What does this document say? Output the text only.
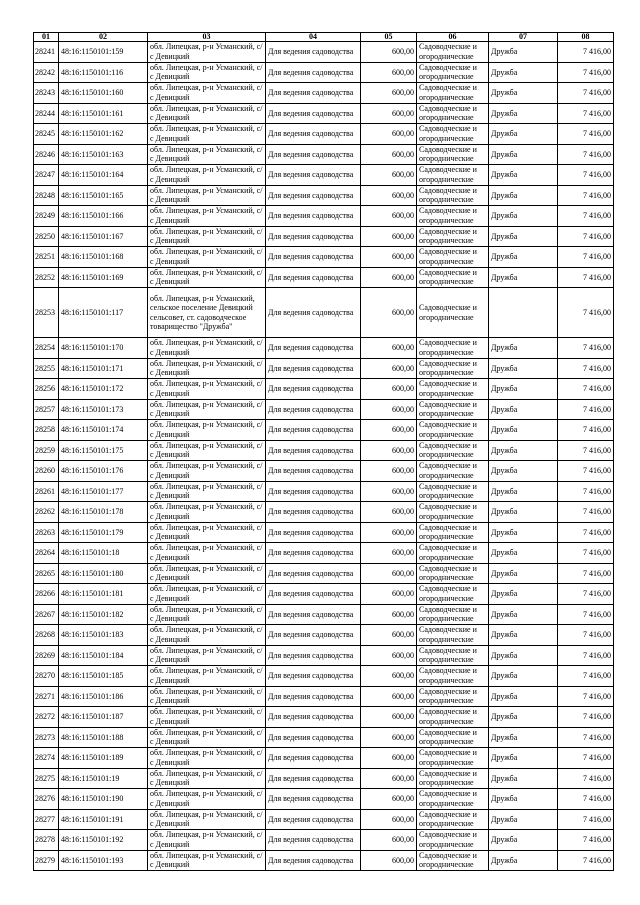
01	02	03	04	05	06	07	08
28241	48:16:1150101:159	обл. Липецкая, р-н Усманский, с/с Девицкий	Для ведения садоводства	600,00	Садоводческие и огороднические	Дружба	7 416,00
28242	48:16:1150101:116	обл. Липецкая, р-н Усманский, с/с Девицкий	Для ведения садоводства	600,00	Садоводческие и огороднические	Дружба	7 416,00
28243	48:16:1150101:160	обл. Липецкая, р-н Усманский, с/с Девицкий	Для ведения садоводства	600,00	Садоводческие и огороднические	Дружба	7 416,00
28244	48:16:1150101:161	обл. Липецкая, р-н Усманский, с/с Девицкий	Для ведения садоводства	600,00	Садоводческие и огороднические	Дружба	7 416,00
28245	48:16:1150101:162	обл. Липецкая, р-н Усманский, с/с Девицкий	Для ведения садоводства	600,00	Садоводческие и огороднические	Дружба	7 416,00
28246	48:16:1150101:163	обл. Липецкая, р-н Усманский, с/с Девицкий	Для ведения садоводства	600,00	Садоводческие и огороднические	Дружба	7 416,00
28247	48:16:1150101:164	обл. Липецкая, р-н Усманский, с/с Девицкий	Для ведения садоводства	600,00	Садоводческие и огороднические	Дружба	7 416,00
28248	48:16:1150101:165	обл. Липецкая, р-н Усманский, с/с Девицкий	Для ведения садоводства	600,00	Садоводческие и огороднические	Дружба	7 416,00
28249	48:16:1150101:166	обл. Липецкая, р-н Усманский, с/с Девицкий	Для ведения садоводства	600,00	Садоводческие и огороднические	Дружба	7 416,00
28250	48:16:1150101:167	обл. Липецкая, р-н Усманский, с/с Девицкий	Для ведения садоводства	600,00	Садоводческие и огороднические	Дружба	7 416,00
28251	48:16:1150101:168	обл. Липецкая, р-н Усманский, с/с Девицкий	Для ведения садоводства	600,00	Садоводческие и огороднические	Дружба	7 416,00
28252	48:16:1150101:169	обл. Липецкая, р-н Усманский, с/с Девицкий	Для ведения садоводства	600,00	Садоводческие и огороднические	Дружба	7 416,00
28253	48:16:1150101:117	обл. Липецкая, р-н Усманский, сельское поселение Девицкий сельсовет, ст. садоводческое товарищество "Дружба"	Для ведения садоводства	600,00	Садоводческие и огороднические		7 416,00
28254	48:16:1150101:170	обл. Липецкая, р-н Усманский, с/с Девицкий	Для ведения садоводства	600,00	Садоводческие и огороднические	Дружба	7 416,00
28255	48:16:1150101:171	обл. Липецкая, р-н Усманский, с/с Девицкий	Для ведения садоводства	600,00	Садоводческие и огороднические	Дружба	7 416,00
28256	48:16:1150101:172	обл. Липецкая, р-н Усманский, с/с Девицкий	Для ведения садоводства	600,00	Садоводческие и огороднические	Дружба	7 416,00
28257	48:16:1150101:173	обл. Липецкая, р-н Усманский, с/с Девицкий	Для ведения садоводства	600,00	Садоводческие и огороднические	Дружба	7 416,00
28258	48:16:1150101:174	обл. Липецкая, р-н Усманский, с/с Девицкий	Для ведения садоводства	600,00	Садоводческие и огороднические	Дружба	7 416,00
28259	48:16:1150101:175	обл. Липецкая, р-н Усманский, с/с Девицкий	Для ведения садоводства	600,00	Садоводческие и огороднические	Дружба	7 416,00
28260	48:16:1150101:176	обл. Липецкая, р-н Усманский, с/с Девицкий	Для ведения садоводства	600,00	Садоводческие и огороднические	Дружба	7 416,00
28261	48:16:1150101:177	обл. Липецкая, р-н Усманский, с/с Девицкий	Для ведения садоводства	600,00	Садоводческие и огороднические	Дружба	7 416,00
28262	48:16:1150101:178	обл. Липецкая, р-н Усманский, с/с Девицкий	Для ведения садоводства	600,00	Садоводческие и огороднические	Дружба	7 416,00
28263	48:16:1150101:179	обл. Липецкая, р-н Усманский, с/с Девицкий	Для ведения садоводства	600,00	Садоводческие и огороднические	Дружба	7 416,00
28264	48:16:1150101:18	обл. Липецкая, р-н Усманский, с/с Девицкий	Для ведения садоводства	600,00	Садоводческие и огороднические	Дружба	7 416,00
28265	48:16:1150101:180	обл. Липецкая, р-н Усманский, с/с Девицкий	Для ведения садоводства	600,00	Садоводческие и огороднические	Дружба	7 416,00
28266	48:16:1150101:181	обл. Липецкая, р-н Усманский, с/с Девицкий	Для ведения садоводства	600,00	Садоводческие и огороднические	Дружба	7 416,00
28267	48:16:1150101:182	обл. Липецкая, р-н Усманский, с/с Девицкий	Для ведения садоводства	600,00	Садоводческие и огороднические	Дружба	7 416,00
28268	48:16:1150101:183	обл. Липецкая, р-н Усманский, с/с Девицкий	Для ведения садоводства	600,00	Садоводческие и огороднические	Дружба	7 416,00
28269	48:16:1150101:184	обл. Липецкая, р-н Усманский, с/с Девицкий	Для ведения садоводства	600,00	Садоводческие и огороднические	Дружба	7 416,00
28270	48:16:1150101:185	обл. Липецкая, р-н Усманский, с/с Девицкий	Для ведения садоводства	600,00	Садоводческие и огороднические	Дружба	7 416,00
28271	48:16:1150101:186	обл. Липецкая, р-н Усманский, с/с Девицкий	Для ведения садоводства	600,00	Садоводческие и огороднические	Дружба	7 416,00
28272	48:16:1150101:187	обл. Липецкая, р-н Усманский, с/с Девицкий	Для ведения садоводства	600,00	Садоводческие и огороднические	Дружба	7 416,00
28273	48:16:1150101:188	обл. Липецкая, р-н Усманский, с/с Девицкий	Для ведения садоводства	600,00	Садоводческие и огороднические	Дружба	7 416,00
28274	48:16:1150101:189	обл. Липецкая, р-н Усманский, с/с Девицкий	Для ведения садоводства	600,00	Садоводческие и огороднические	Дружба	7 416,00
28275	48:16:1150101:19	обл. Липецкая, р-н Усманский, с/с Девицкий	Для ведения садоводства	600,00	Садоводческие и огороднические	Дружба	7 416,00
28276	48:16:1150101:190	обл. Липецкая, р-н Усманский, с/с Девицкий	Для ведения садоводства	600,00	Садоводческие и огороднические	Дружба	7 416,00
28277	48:16:1150101:191	обл. Липецкая, р-н Усманский, с/с Девицкий	Для ведения садоводства	600,00	Садоводческие и огороднические	Дружба	7 416,00
28278	48:16:1150101:192	обл. Липецкая, р-н Усманский, с/с Девицкий	Для ведения садоводства	600,00	Садоводческие и огороднические	Дружба	7 416,00
28279	48:16:1150101:193	обл. Липецкая, р-н Усманский, с/с Девицкий	Для ведения садоводства	600,00	Садоводческие и огороднические	Дружба	7 416,00
